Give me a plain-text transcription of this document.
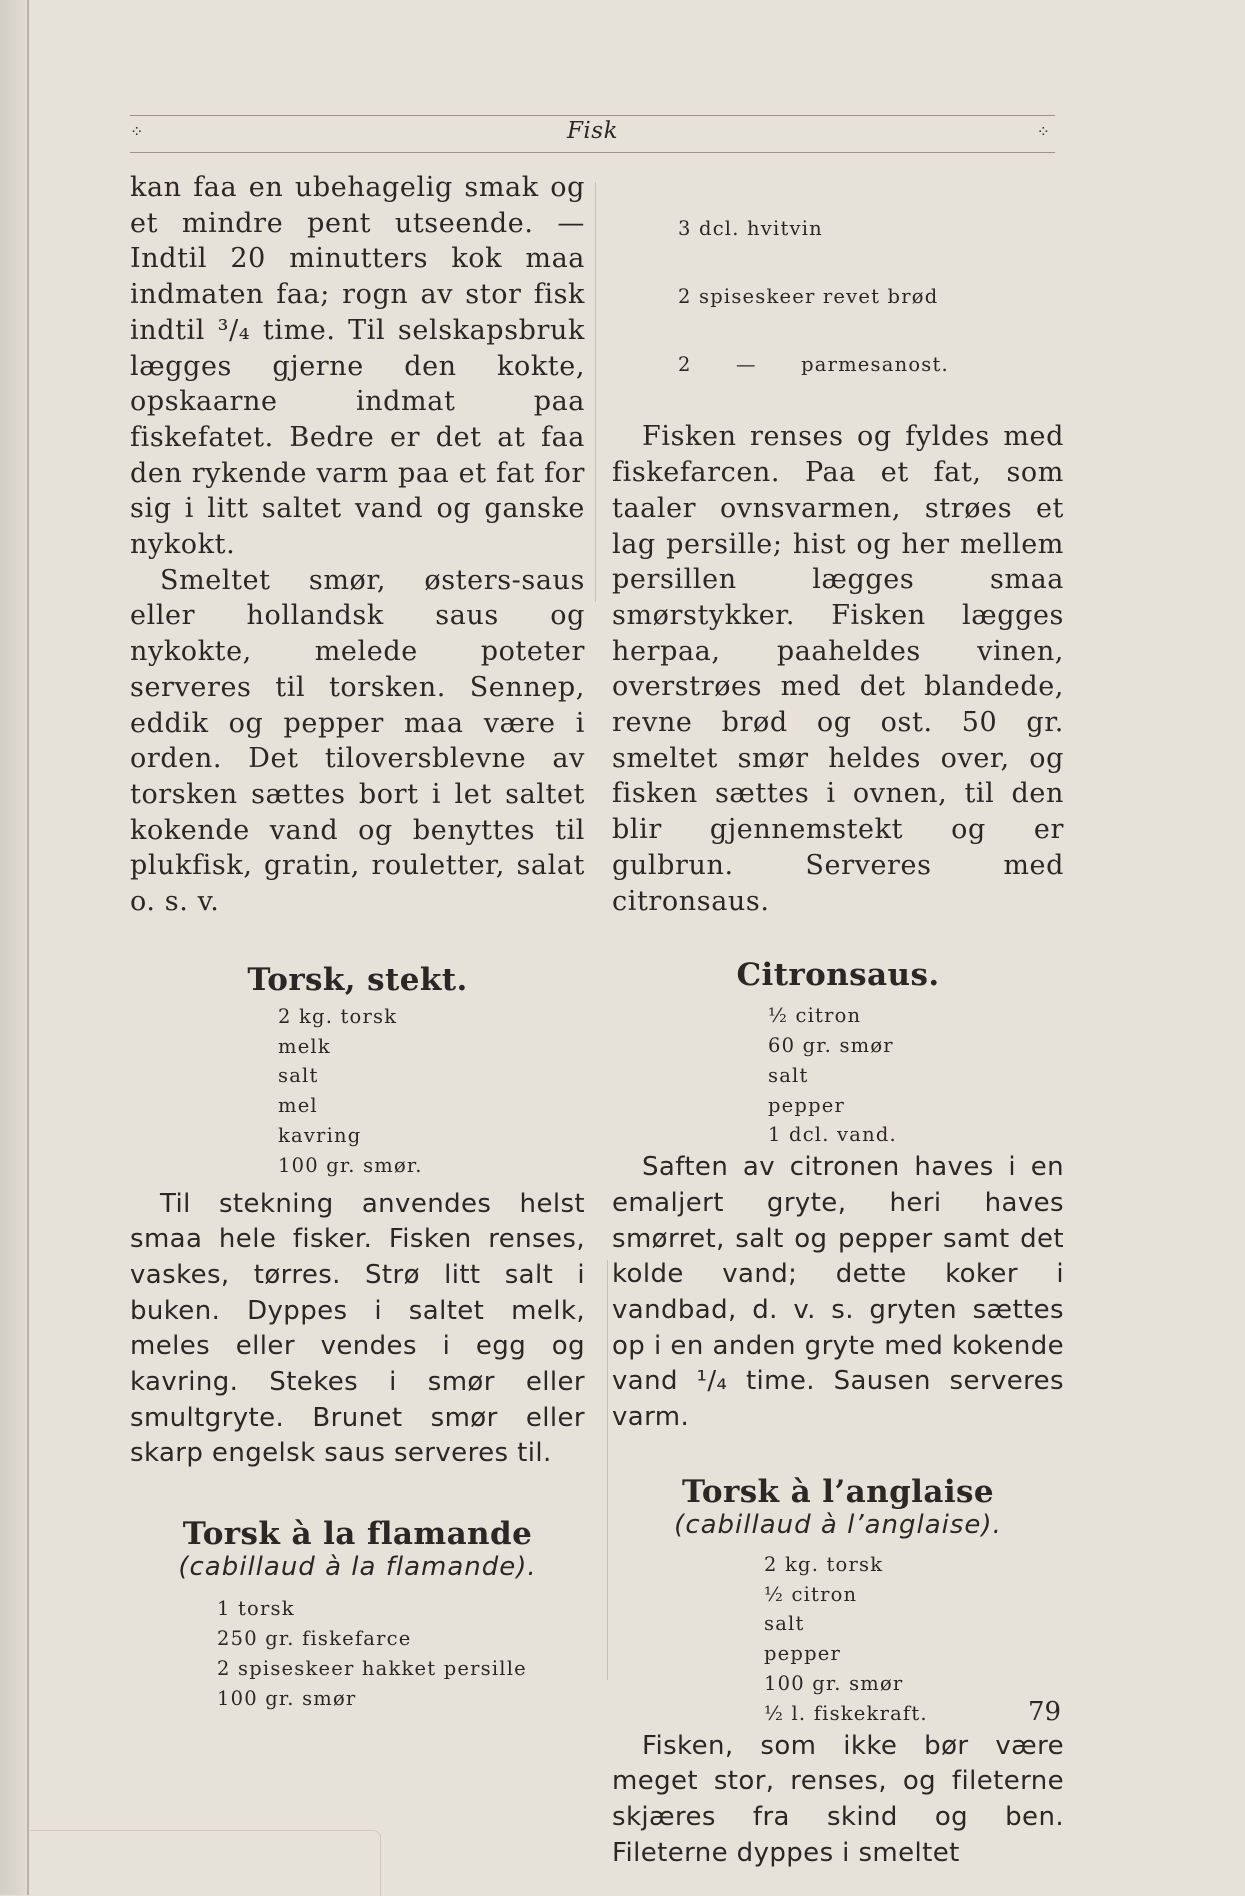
⁘	Fisk	⁘

kan faa en ubehagelig smak og et mindre pent utseende. — Indtil 20 minutters kok maa indmaten faa; rogn av stor fisk indtil ³/₄ time. Til selskapsbruk lægges gjerne den kokte, opskaarne indmat paa fiskefatet. Bedre er det at faa den rykende varm paa et fat for sig i litt saltet vand og ganske nykokt.

Smeltet smør, østers-saus eller hollandsk saus og nykokte, melede poteter serveres til torsken. Sennep, eddik og pepper maa være i orden. Det tiloversblevne av torsken sættes bort i let saltet kokende vand og benyttes til plukfisk, gratin, rouletter, salat o. s. v.

Torsk, stekt.
2 kg. torsk
melk
salt
mel
kavring
100 gr. smør.

Til stekning anvendes helst smaa hele fisker. Fisken renses, vaskes, tørres. Strø litt salt i buken. Dyppes i saltet melk, meles eller vendes i egg og kavring. Stekes i smør eller smultgryte. Brunet smør eller skarp engelsk saus serveres til.

Torsk à la flamande
(cabillaud à la flamande).
1 torsk
250 gr. fiskefarce
2 spiseskeer hakket persille
100 gr. smør

3 dcl. hvitvin

2 spiseskeer revet brød

2      —      parmesanost.

Fisken renses og fyldes med fiskefarcen. Paa et fat, som taaler ovnsvarmen, strøes et lag persille; hist og her mellem persillen lægges smaa smørstykker. Fisken lægges herpaa, paaheldes vinen, overstrøes med det blandede, revne brød og ost. 50 gr. smeltet smør heldes over, og fisken sættes i ovnen, til den blir gjennemstekt og er gulbrun. Serveres med citronsaus.

Citronsaus.
½ citron
60 gr. smør
salt
pepper
1 dcl. vand.

Saften av citronen haves i en emaljert gryte, heri haves smørret, salt og pepper samt det kolde vand; dette koker i vandbad, d. v. s. gryten sættes op i en anden gryte med kokende vand ¹/₄ time. Sausen serveres varm.

Torsk à l’anglaise
(cabillaud à l’anglaise).
2 kg. torsk
½ citron
salt
pepper
100 gr. smør
½ l. fiskekraft.

Fisken, som ikke bør være meget stor, renses, og fileterne skjæres fra skind og ben. Fileterne dyppes i smeltet

79
